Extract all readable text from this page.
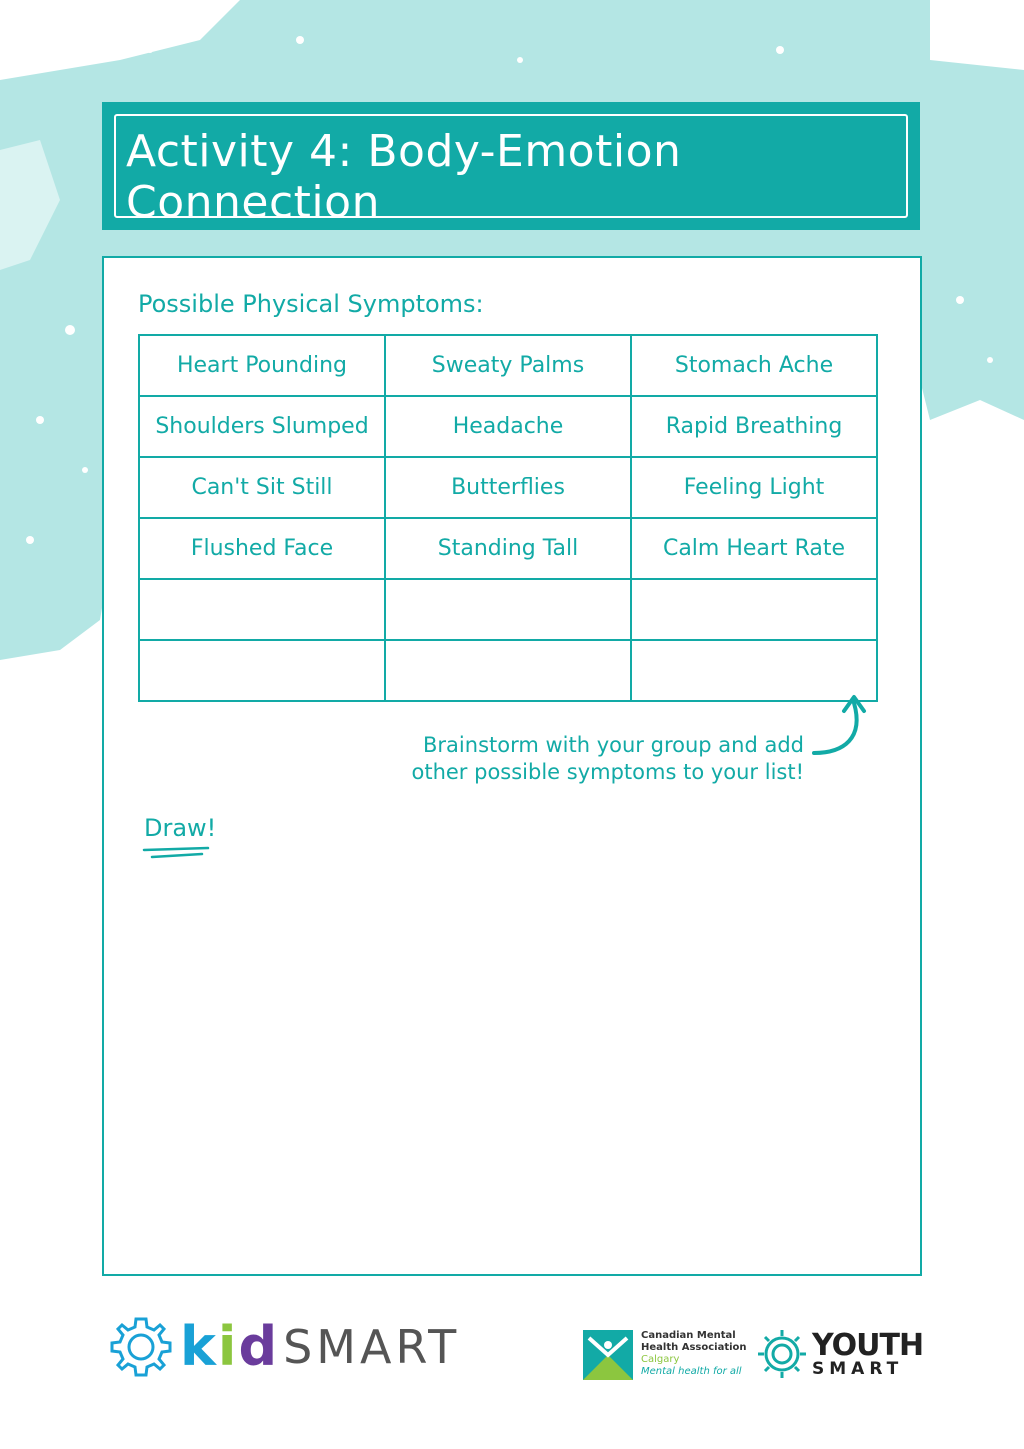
Activity 4: Body-Emotion Connection
Possible Physical Symptoms:
Heart Pounding	Sweaty Palms	Stomach Ache
Shoulders Slumped	Headache	Rapid Breathing
Can't Sit Still	Butterflies	Feeling Light
Flushed Face	Standing Tall	Calm Heart Rate

Brainstorm with your group and add
other possible symptoms to your list!
Draw!
kid SMART	Canadian Mental
Health Association
Calgary
Mental health for all
YOUTH
SMART
